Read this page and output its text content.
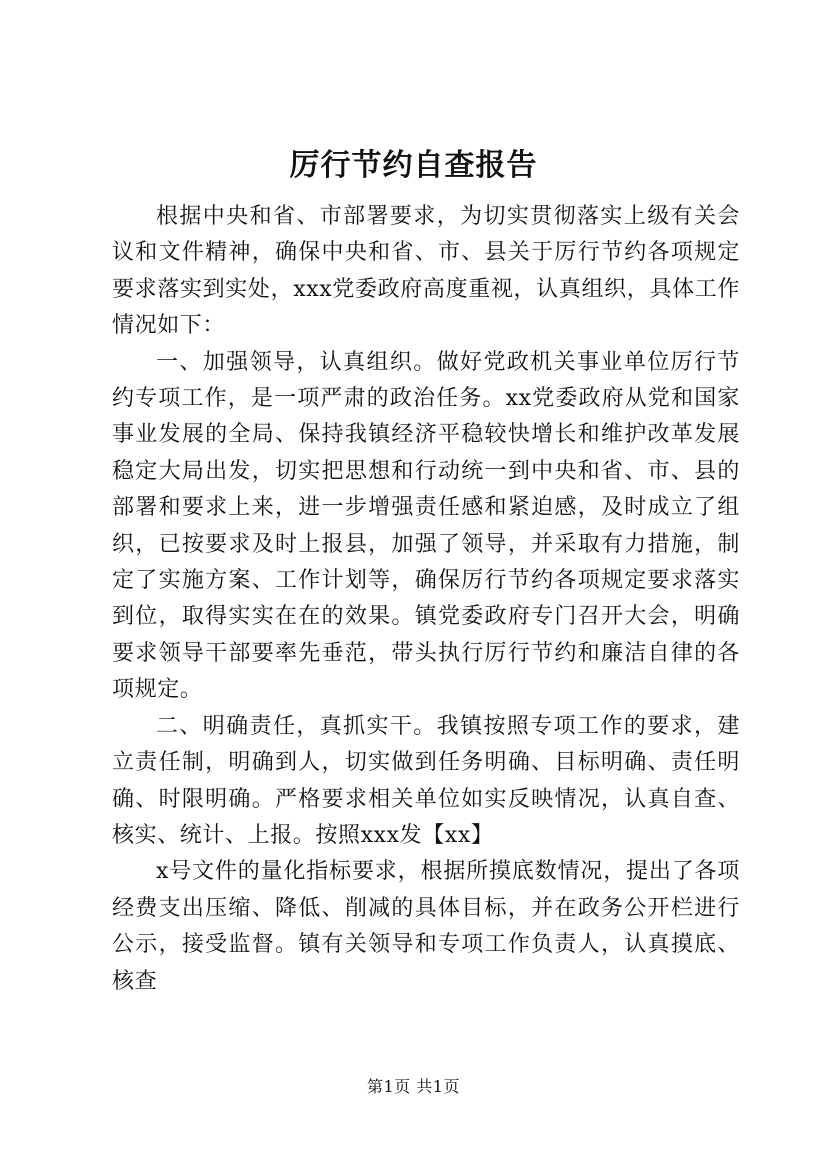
厉行节约自查报告

根据中央和省、市部署要求，为切实贯彻落实上级有关会议和文件精神，确保中央和省、市、县关于厉行节约各项规定要求落实到实处，xxx党委政府高度重视，认真组织，具体工作情况如下：

一、加强领导，认真组织。做好党政机关事业单位厉行节约专项工作，是一项严肃的政治任务。xx党委政府从党和国家事业发展的全局、保持我镇经济平稳较快增长和维护改革发展稳定大局出发，切实把思想和行动统一到中央和省、市、县的部署和要求上来，进一步增强责任感和紧迫感，及时成立了组织，已按要求及时上报县，加强了领导，并采取有力措施，制定了实施方案、工作计划等，确保厉行节约各项规定要求落实到位，取得实实在在的效果。镇党委政府专门召开大会，明确要求领导干部要率先垂范，带头执行厉行节约和廉洁自律的各项规定。

二、明确责任，真抓实干。我镇按照专项工作的要求，建立责任制，明确到人，切实做到任务明确、目标明确、责任明确、时限明确。严格要求相关单位如实反映情况，认真自查、核实、统计、上报。按照xxx发【xx】

x号文件的量化指标要求，根据所摸底数情况，提出了各项经费支出压缩、降低、削减的具体目标，并在政务公开栏进行公示，接受监督。镇有关领导和专项工作负责人，认真摸底、核查

第1页 共1页
